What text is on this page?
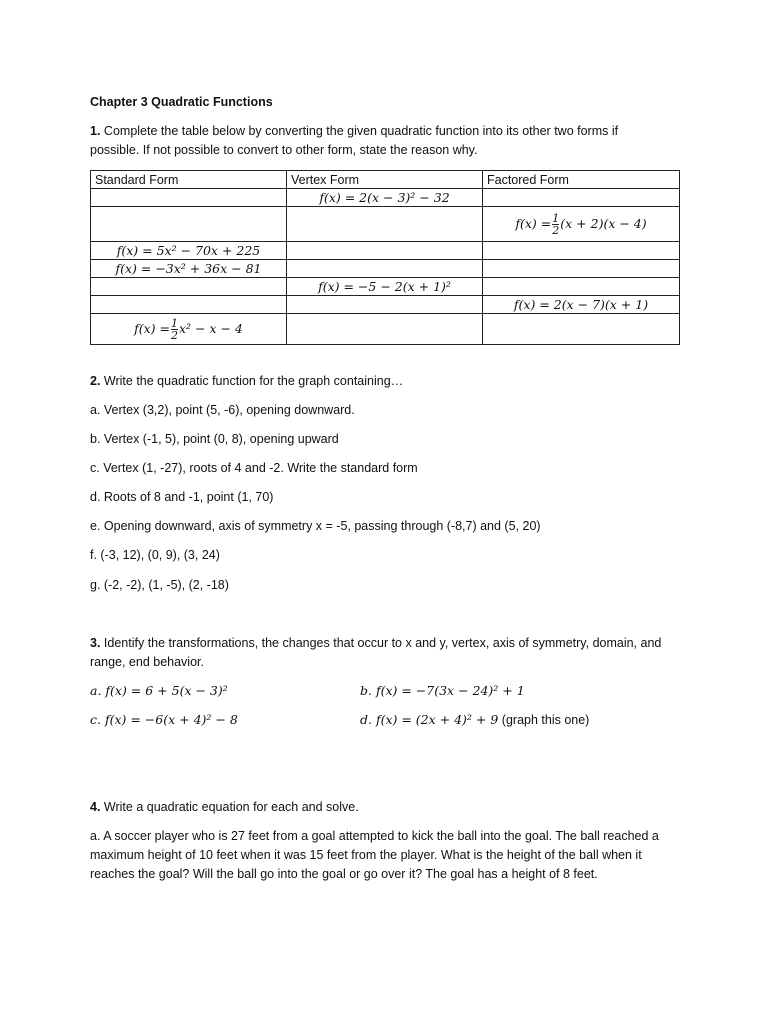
Chapter 3 Quadratic Functions
1. Complete the table below by converting the given quadratic function into its other two forms if
possible. If not possible to convert to other form, state the reason why.
Standard Form	Vertex Form	Factored Form
	f(x) = 2(x − 3)² − 32	
		$f(x) = \frac{1}{2} (x + 2)(x - 4)$
f(x) = 5x² − 70x + 225		
f(x) = −3x² + 36x − 81		
	f(x) = −5 − 2(x + 1)²	
		f(x) = 2(x − 7)(x + 1)
$f(x) = \frac{1}{2} x^2 - x - 4$		
2. Write the quadratic function for the graph containing…
a. Vertex (3,2), point (5, -6), opening downward.
b. Vertex (-1, 5), point (0, 8), opening upward
c. Vertex (1, -27), roots of 4 and -2. Write the standard form
d. Roots of 8 and -1, point (1, 70)
e. Opening downward, axis of symmetry x = -5, passing through (-8,7) and (5, 20)
f. (-3, 12), (0, 9), (3, 24)
g. (-2, -2), (1, -5), (2, -18)
3. Identify the transformations, the changes that occur to x and y, vertex, axis of symmetry, domain, and
range, end behavior.
a. f(x) = 6 + 5(x − 3)²	b. f(x) = −7(3x − 24)² + 1
c. f(x) = −6(x + 4)² − 8	d. f(x) = (2x + 4)² + 9 (graph this one)
4. Write a quadratic equation for each and solve.
a. A soccer player who is 27 feet from a goal attempted to kick the ball into the goal. The ball reached a
maximum height of 10 feet when it was 15 feet from the player. What is the height of the ball when it
reaches the goal? Will the ball go into the goal or go over it? The goal has a height of 8 feet.
